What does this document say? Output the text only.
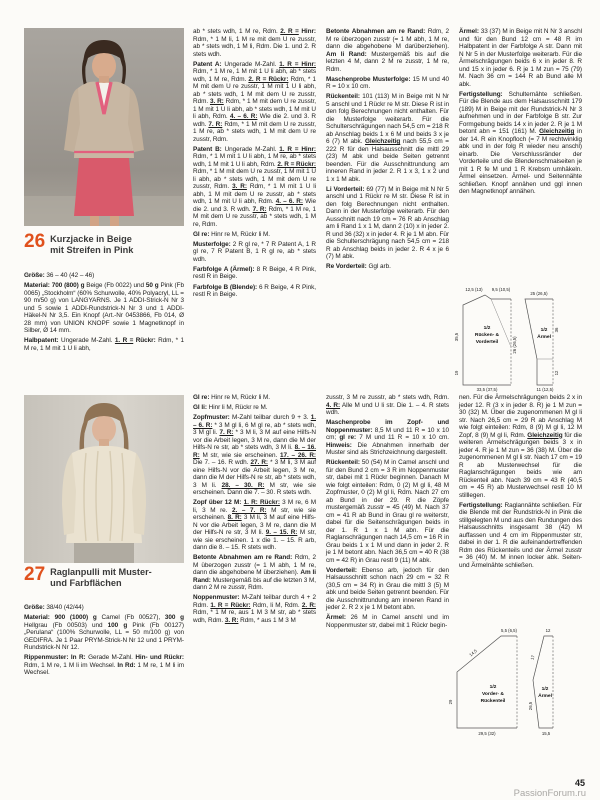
26 Kurzjacke in Beige
mit Streifen in Pink

Größe: 36 – 40 (42 – 46)

Material: 700 (800) g Beige (Fb 0022) und 50 g Pink (Fb 0065) „Stockholm“ (60% Schurwolle, 40% Polyacryl, LL = 90 m/50 g) von LANGYARNS. Je 1 ADDI-Strick-N Nr 3 und 5 sowie 1 ADDI-Rundstrick-N Nr 3 und 1 ADDI-Häkel-N Nr 3,5. Ein Knopf (Art.-Nr 0453866, Fb 014, Ø 28 mm) von UNION KNOPF sowie 1 Magnetknopf in Silber, Ø 14 mm.

Halbpatent: Ungerade M-Zahl. 1. R = Rückr: Rdm, * 1 M re, 1 M mit 1 U li abh,

ab * stets wdh, 1 M re, Rdm. 2. R = Hinr: Rdm, * 1 M li, 1 M re mit dem U re zusstr, ab * stets wdh, 1 M li, Rdm. Die 1. und 2. R stets wdh.

Patent A: Ungerade M-Zahl. 1. R = Hinr: Rdm, * 1 M re, 1 M mit 1 U li abh, ab * stets wdh, 1 M re, Rdm. 2. R = Rückr: Rdm, * 1 M mit dem U re zusstr, 1 M mit 1 U li abh, ab * stets wdh, 1 M mit dem U re zusstr, Rdm. 3. R: Rdm, * 1 M mit dem U re zusstr, 1 M mit 1 U li abh, ab * stets wdh, 1 M mit U li abh, Rdm. 4. – 6. R: Wie die 2. und 3. R wdh. 7. R: Rdm, * 1 M mit dem U re zusstr, 1 M re, ab * stets wdh, 1 M mit dem U re zusstr, Rdm.

Patent B: Ungerade M-Zahl. 1. R = Hinr: Rdm, * 1 M mit 1 U li abh, 1 M re, ab * stets wdh, 1 M mit 1 U li abh, Rdm. 2. R = Rückr: Rdm, * 1 M mit dem U re zusstr, 1 M mit 1 U li abh, ab * stets wdh, 1 M mit dem U re zusstr, Rdm. 3. R: Rdm, * 1 M mit 1 U li abh, 1 M mit dem U re zusstr, ab * stets wdh, 1 M mit U li abh, Rdm. 4. – 6. R: Wie die 2. und 3. R wdh. 7. R: Rdm, * 1 M re, 1 M mit dem U re zusstr, ab * stets wdh, 1 M re, Rdm.

Gl re: Hinr re M, Rückr li M.

Musterfolge: 2 R gl re, * 7 R Patent A, 1 R gl re, 7 R Patent B, 1 R gl re, ab * stets wdh.

Farbfolge A (Ärmel): 8 R Beige, 4 R Pink, restl R in Beige.

Farbfolge B (Blende): 6 R Beige, 4 R Pink, restl R in Beige.

Betonte Abnahmen am re Rand: Rdm, 2 M re überzogen zusstr (= 1 M abh, 1 M re, dann die abgehobene M darüberziehen). Am li Rand: Mustergemäß bis auf die letzten 4 M, dann 2 M re zusstr, 1 M re, Rdm.

Maschenprobe Musterfolge: 15 M und 40 R = 10 x 10 cm.

Rückenteil: 101 (113) M in Beige mit N Nr 5 anschl und 1 Rückr re M str. Diese R ist in den folg Berechnungen nicht enthalten. Für die Musterfolge weiterarb. Für die Schulterschrägungen nach 54,5 cm = 218 R ab Anschlag beids 1 x 6 M und beids 3 x je 6 (7) M abk. Gleichzeitig nach 55,5 cm = 222 R für den Halsausschnitt die mittl 29 (23) M abk und beide Seiten getrennt beenden. Für die Ausschnittrundung am inneren Rand in jeder 2. R 1 x 3, 1 x 2 und 1 x 1 M abk.

Li Vorderteil: 69 (77) M in Beige mit N Nr 5 anschl und 1 Rückr re M str. Diese R ist in den folg Berechnungen nicht enthalten. Dann in der Musterfolge weiterarb. Für den Ausschnitt nach 19 cm = 76 R ab Anschlag am li Rand 1 x 1 M, dann 2 (10) x in jeder 2. R und 36 (32) x in jeder 4. R je 1 M abn. Für die Schulterschrägung nach 54,5 cm = 218 R ab Anschlag beids in jeder 2. R 4 x je 6 (7) M abk.

Re Vorderteil: Ggl arb.

Ärmel: 33 (37) M in Beige mit N Nr 3 anschl und für den Bund 12 cm = 48 R im Halbpatent in der Farbfolge A str. Dann mit N Nr 5 in der Musterfolge weiterarb. Für die Ärmelschrägungen beids 6 x in jeder 8. R und 15 x in jeder 6. R je 1 M zun = 75 (79) M. Nach 36 cm = 144 R ab Bund alle M abk.

Fertigstellung: Schulternähte schließen. Für die Blende aus dem Halsausschnitt 179 (189) M in Beige mit der Rundstrick-N Nr 3 aufnehmen und in der Farbfolge B str. Zur Formgebung beids 14 x in jeder 2. R je 1 M betont abn = 151 (161) M. Gleichzeitig in der 14. R ein Knopfloch (= 7 M rechtwinklig abk und in der folg R wieder neu anschl) einarb. Die Verschlussränder der Vorderteile und die Blendenschmalseiten je mit 1 R fe M und 1 R Krebsm umhäkeln. Ärmel einsetzen. Ärmel- und Seitennähte schließen. Knopf annähen und ggl innen den Magnetknopf annähen.

12,5 (13) 9,5 (10,5)
35,5
19
33,5 (37,5)
26 (26,5)
1/2
Rücken- &
Vorderteil
25 (26,5)
36
12
11 (12,5)
1/2
Ärmel
27 Raglanpulli mit Muster-
und Farbflächen

Größe: 38/40 (42/44)

Material: 900 (1000) g Camel (Fb 00527), 300 g Hellgrau (Fb 00503) und 100 g Pink (Fb 00127) „Perulana“ (100% Schurwolle, LL = 50 m/100 g) von GEDIFRA. Je 1 Paar PRYM-Strick-N Nr 12 und 1 PRYM-Rundstrick-N Nr 12.

Rippenmuster: In R: Gerade M-Zahl. Hin- und Rückr: Rdm, 1 M re, 1 M li im Wechsel. In Rd: 1 M re, 1 M li im Wechsel.

Gl re: Hinr re M, Rückr li M.

Gl li: Hinr li M, Rückr re M.

Zopfmuster: M-Zahl teilbar durch 9 + 3. 1. – 6. R: * 3 M gl li, 6 M gl re, ab * stets wdh, 3 M gl li. 7. R: * 3 M li, 3 M auf eine Hilfs-N vor die Arbeit legen, 3 M re, dann die M der Hilfs-N re str, ab * stets wdh, 3 M li. 8. – 16. R: M str, wie sie erscheinen. 17. – 26. R: Die 7. – 16. R wdh. 27. R: * 3 M li, 3 M auf eine Hilfs-N vor die Arbeit legen, 3 M re, dann die M der Hilfs-N re str, ab * stets wdh, 3 M li. 28. – 30. R: M str, wie sie erscheinen. Dann die 7. – 30. R stets wdh.

Zopf über 12 M: 1. R: Rückr: 3 M re, 6 M li, 3 M re. 2. – 7. R: M str, wie sie erscheinen. 8. R: 3 M li, 3 M auf eine Hilfs-N vor die Arbeit legen, 3 M re, dann die M der Hilfs-N re str, 3 M li. 9. – 15. R: M str, wie sie erscheinen. 1 x die 1. – 15. R arb, dann die 8. – 15. R stets wdh.

Betonte Abnahmen am re Rand: Rdm, 2 M überzogen zusstr (= 1 M abh, 1 M re, dann die abgehobene M überziehen). Am li Rand: Mustergemäß bis auf die letzten 3 M, dann 2 M re zusstr, Rdm.

Noppenmuster: M-Zahl teilbar durch 4 + 2 Rdm. 1. R = Rückr: Rdm, li M, Rdm. 2. R: Rdm, * 1 M re, aus 1 M 3 M str, ab * stets wdh, Rdm. 3. R: Rdm, * aus 1 M 3 M

zusstr, 3 M re zusstr, ab * stets wdh, Rdm. 4. R: Alle M und U li str. Die 1. – 4. R stets wdh.

Maschenprobe im Zopf- und Noppenmuster: 8,5 M und 11 R = 10 x 10 cm; gl re: 7 M und 11 R = 10 x 10 cm. Hinweis: Die Abnahmen innerhalb der Muster sind als Strichzeichnung dargestellt.

Rückenteil: 50 (54) M in Camel anschl und für den Bund 2 cm = 3 R im Noppenmuster str, dabei mit 1 Rückr beginnen. Danach M wie folgt einteilen: Rdm, 0 (2) M gl li, 48 M Zopfmuster, 0 (2) M gl li, Rdm. Nach 27 cm ab Bund in der 29. R die Zöpfe mustergemäß zusstr = 45 (49) M. Nach 37 cm = 41 R ab Bund in Grau gl re weiterstr, dabei für die Seitenschrägungen beids in der 1. R 1 x 1 M abn. Für die Raglanschrägungen nach 14,5 cm = 16 R in Grau beids 1 x 1 M und dann in jeder 2. R je 1 M betont abn. Nach 36,5 cm = 40 R (38 cm = 42 R) in Grau restl 9 (11) M abk.

Vorderteil: Ebenso arb, jedoch für den Halsausschnitt schon nach 29 cm = 32 R (30,5 cm = 34 R) in Grau die mittl 3 (5) M abk und beide Seiten getrennt beenden. Für die Ausschnittrundung am inneren Rand in jeder 2. R 2 x je 1 M betont abn.

Ärmel: 26 M in Camel anschl und im Noppenmuster str, dabei mit 1 Rückr begin-

nen. Für die Ärmelschrägungen beids 2 x in jeder 12. R (3 x in jeder 8. R) je 1 M zun = 30 (32) M. Über die zugenommenen M gl li str. Nach 26,5 cm = 29 R ab Anschlag M wie folgt einteilen: Rdm, 8 (9) M gl li, 12 M Zopf, 8 (9) M gl li, Rdm. Gleichzeitig für die weiteren Ärmelschrägungen beids 3 x in jeder 4. R je 1 M zun = 36 (38) M. Über die zugenommenen M gl li str. Nach 17 cm = 19 R ab Musterwechsel für die Raglanschrägungen beids wie am Rückenteil abn. Nach 39 cm = 43 R (40,5 cm = 45 R) ab Musterwechsel restl 10 M stilllegen.

Fertigstellung: Raglannähte schließen. Für die Blende mit der Rundstrick-N in Pink die stillgelegten M und aus den Rundungen des Halsausschnitts insgesamt 38 (42) M auffassen und 4 cm im Rippenmuster str, dabei in der 1. R die aufeinandertreffenden Rdm des Rückenteils und der Ärmel zusstr = 36 (40) M. M innen locker abk. Seiten- und Ärmelnähte schließen.

5,5 (6,5)
14,5
29
29,5 (32)
1/2
Vorder- &
Rückenteil
12
17
26,5
15,5
1/2
Ärmel
45
PassionForum.ru
